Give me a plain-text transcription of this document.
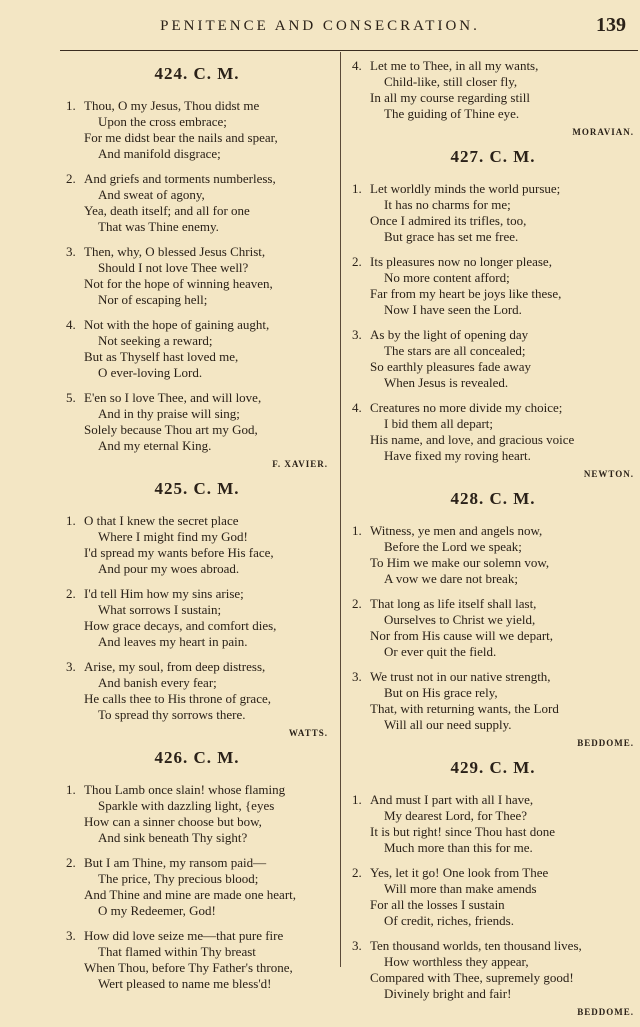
PENITENCE AND CONSECRATION.	139
424. C. M.
1. Thou, O my Jesus, Thou didst me
Upon the cross embrace;
For me didst bear the nails and spear,
And manifold disgrace;
2. And griefs and torments numberless,
And sweat of agony,
Yea, death itself; and all for one
That was Thine enemy.
3. Then, why, O blessed Jesus Christ,
Should I not love Thee well?
Not for the hope of winning heaven,
Nor of escaping hell;
4. Not with the hope of gaining aught,
Not seeking a reward;
But as Thyself hast loved me,
O ever-loving Lord.
5. E'en so I love Thee, and will love,
And in thy praise will sing;
Solely because Thou art my God,
And my eternal King.
F. XAVIER.
425. C. M.
1. O that I knew the secret place
Where I might find my God!
I'd spread my wants before His face,
And pour my woes abroad.
2. I'd tell Him how my sins arise;
What sorrows I sustain;
How grace decays, and comfort dies,
And leaves my heart in pain.
3. Arise, my soul, from deep distress,
And banish every fear;
He calls thee to His throne of grace,
To spread thy sorrows there.
WATTS.
426. C. M.
1. Thou Lamb once slain! whose flaming
Sparkle with dazzling light, {eyes
How can a sinner choose but bow,
And sink beneath Thy sight?
2. But I am Thine, my ransom paid—
The price, Thy precious blood;
And Thine and mine are made one heart,
O my Redeemer, God!
3. How did love seize me—that pure fire
That flamed within Thy breast
When Thou, before Thy Father's throne,
Wert pleased to name me bless'd!
4. Let me to Thee, in all my wants,
Child-like, still closer fly,
In all my course regarding still
The guiding of Thine eye.
MORAVIAN.
427. C. M.
1. Let worldly minds the world pursue;
It has no charms for me;
Once I admired its trifles, too,
But grace has set me free.
2. Its pleasures now no longer please,
No more content afford;
Far from my heart be joys like these,
Now I have seen the Lord.
3. As by the light of opening day
The stars are all concealed;
So earthly pleasures fade away
When Jesus is revealed.
4. Creatures no more divide my choice;
I bid them all depart;
His name, and love, and gracious voice
Have fixed my roving heart.
NEWTON.
428. C. M.
1. Witness, ye men and angels now,
Before the Lord we speak;
To Him we make our solemn vow,
A vow we dare not break;
2. That long as life itself shall last,
Ourselves to Christ we yield,
Nor from His cause will we depart,
Or ever quit the field.
3. We trust not in our native strength,
But on His grace rely,
That, with returning wants, the Lord
Will all our need supply.
BEDDOME.
429. C. M.
1. And must I part with all I have,
My dearest Lord, for Thee?
It is but right! since Thou hast done
Much more than this for me.
2. Yes, let it go! One look from Thee
Will more than make amends
For all the losses I sustain
Of credit, riches, friends.
3. Ten thousand worlds, ten thousand lives,
How worthless they appear,
Compared with Thee, supremely good!
Divinely bright and fair!
BEDDOME.
